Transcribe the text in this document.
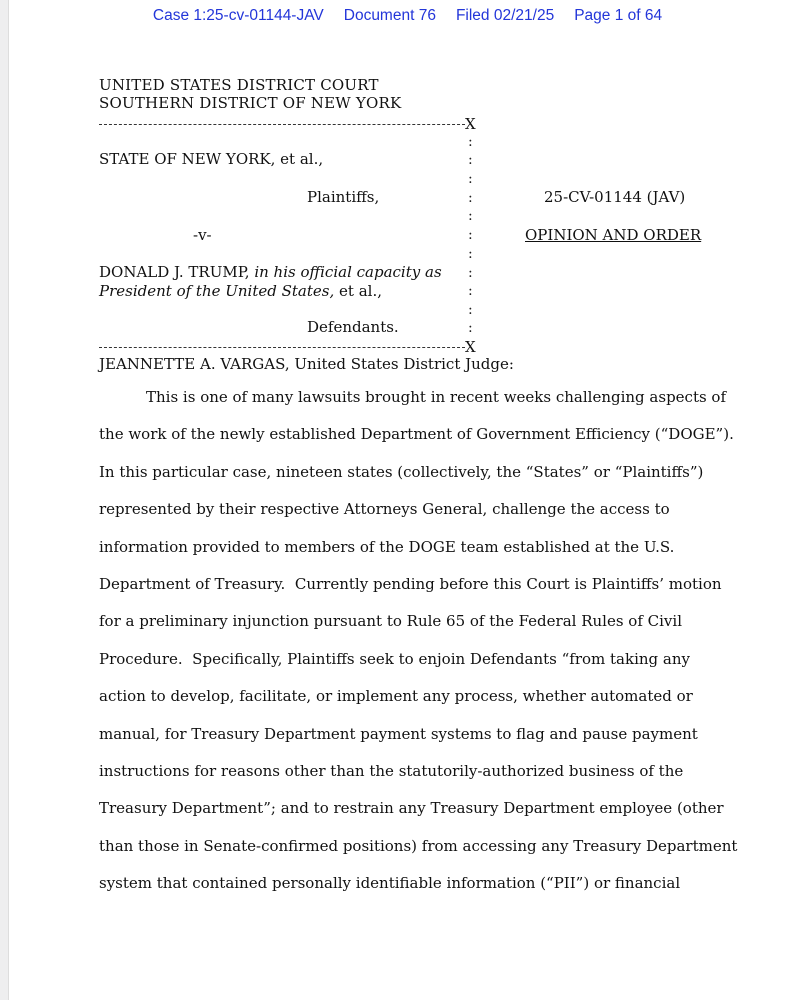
Case 1:25-cv-01144-JAV Document 76 Filed 02/21/25 Page 1 of 64
UNITED STATES DISTRICT COURT
SOUTHERN DISTRICT OF NEW YORK
X
:
:
:
:
:
:
:
:
:
:
:
STATE OF NEW YORK, et al.,
Plaintiffs,
-v-
DONALD J. TRUMP, in his official capacity as
President of the United States, et al.,
Defendants.
25-CV-01144 (JAV)
OPINION AND ORDER
X
JEANNETTE A. VARGAS, United States District Judge:
This is one of many lawsuits brought in recent weeks challenging aspects of
the work of the newly established Department of Government Efficiency (“DOGE”).
In this particular case, nineteen states (collectively, the “States” or “Plaintiffs”)
represented by their respective Attorneys General, challenge the access to
information provided to members of the DOGE team established at the U.S.
Department of Treasury.  Currently pending before this Court is Plaintiffs’ motion
for a preliminary injunction pursuant to Rule 65 of the Federal Rules of Civil
Procedure.  Specifically, Plaintiffs seek to enjoin Defendants “from taking any
action to develop, facilitate, or implement any process, whether automated or
manual, for Treasury Department payment systems to flag and pause payment
instructions for reasons other than the statutorily-authorized business of the
Treasury Department”; and to restrain any Treasury Department employee (other
than those in Senate-confirmed positions) from accessing any Treasury Department
system that contained personally identifiable information (“PII”) or financial
